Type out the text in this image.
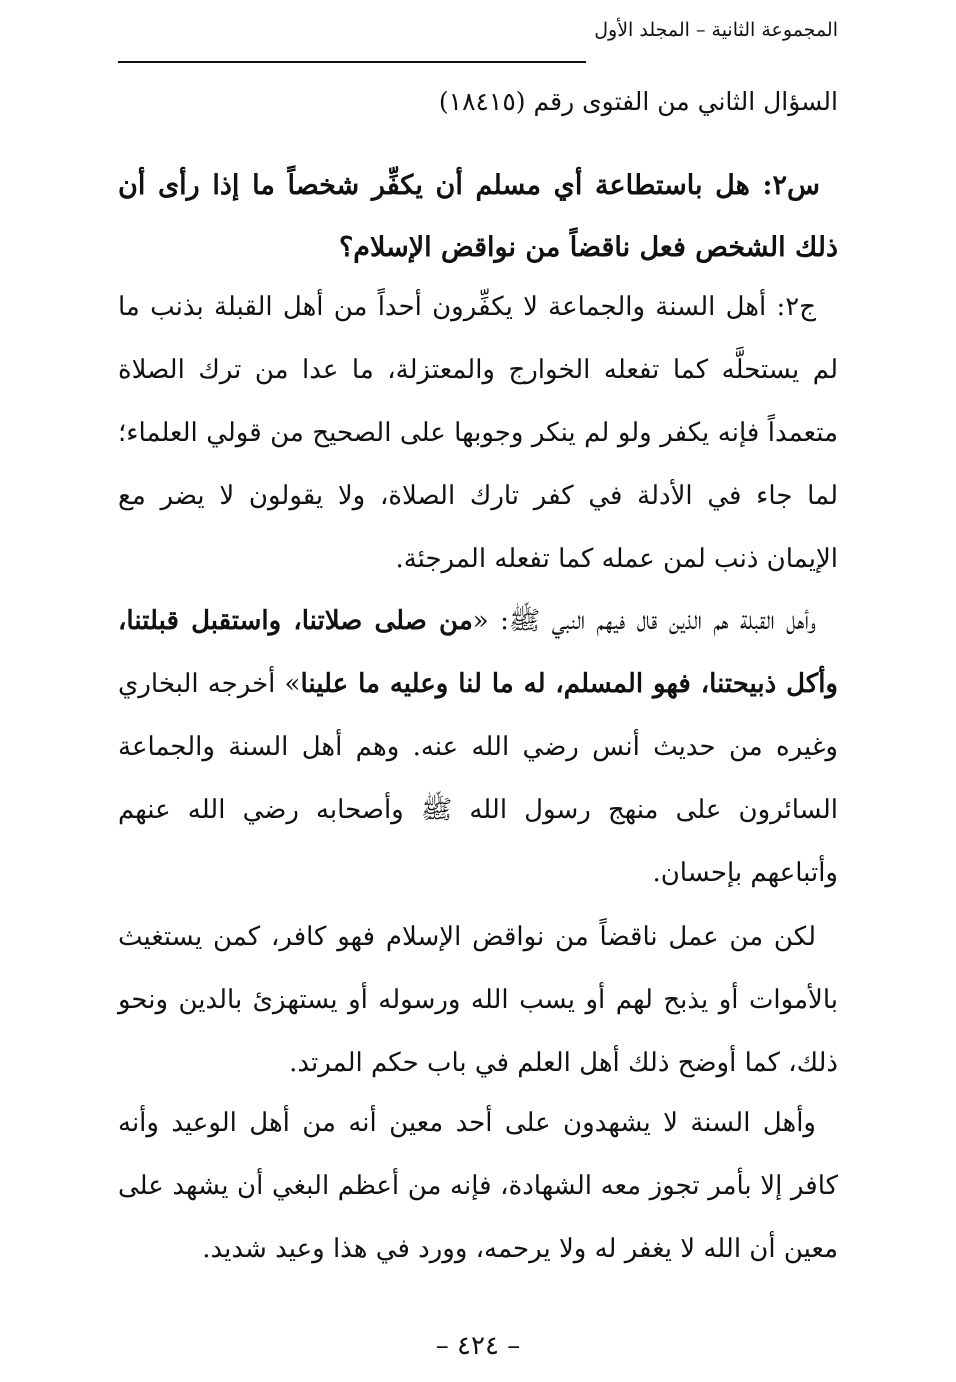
المجموعة الثانية – المجلد الأول
السؤال الثاني من الفتوى رقم (١٨٤١٥)

س٢: هل باستطاعة أي مسلم أن يكفِّر شخصاً ما إذا رأى أن ذلك الشخص فعل ناقضاً من نواقض الإسلام؟

ج٢: أهل السنة والجماعة لا يكفِّرون أحداً من أهل القبلة بذنب ما لم يستحلَّه كما تفعله الخوارج والمعتزلة، ما عدا من ترك الصلاة متعمداً فإنه يكفر ولو لم ينكر وجوبها على الصحيح من قولي العلماء؛ لما جاء في الأدلة في كفر تارك الصلاة، ولا يقولون لا يضر مع الإيمان ذنب لمن عمله كما تفعله المرجئة.

وأهل القبلة هم الذين قال فيهم النبي ﷺ: «من صلى صلاتنا، واستقبل قبلتنا، وأكل ذبيحتنا، فهو المسلم، له ما لنا وعليه ما علينا» أخرجه البخاري وغيره من حديث أنس رضي الله عنه. وهم أهل السنة والجماعة السائرون على منهج رسول الله ﷺ وأصحابه رضي الله عنهم وأتباعهم بإحسان.

لكن من عمل ناقضاً من نواقض الإسلام فهو كافر، كمن يستغيث بالأموات أو يذبح لهم أو يسب الله ورسوله أو يستهزئ بالدين ونحو ذلك، كما أوضح ذلك أهل العلم في باب حكم المرتد.

وأهل السنة لا يشهدون على أحد معين أنه من أهل الوعيد وأنه كافر إلا بأمر تجوز معه الشهادة، فإنه من أعظم البغي أن يشهد على معين أن الله لا يغفر له ولا يرحمه، وورد في هذا وعيد شديد.

– ٤٢٤ –
